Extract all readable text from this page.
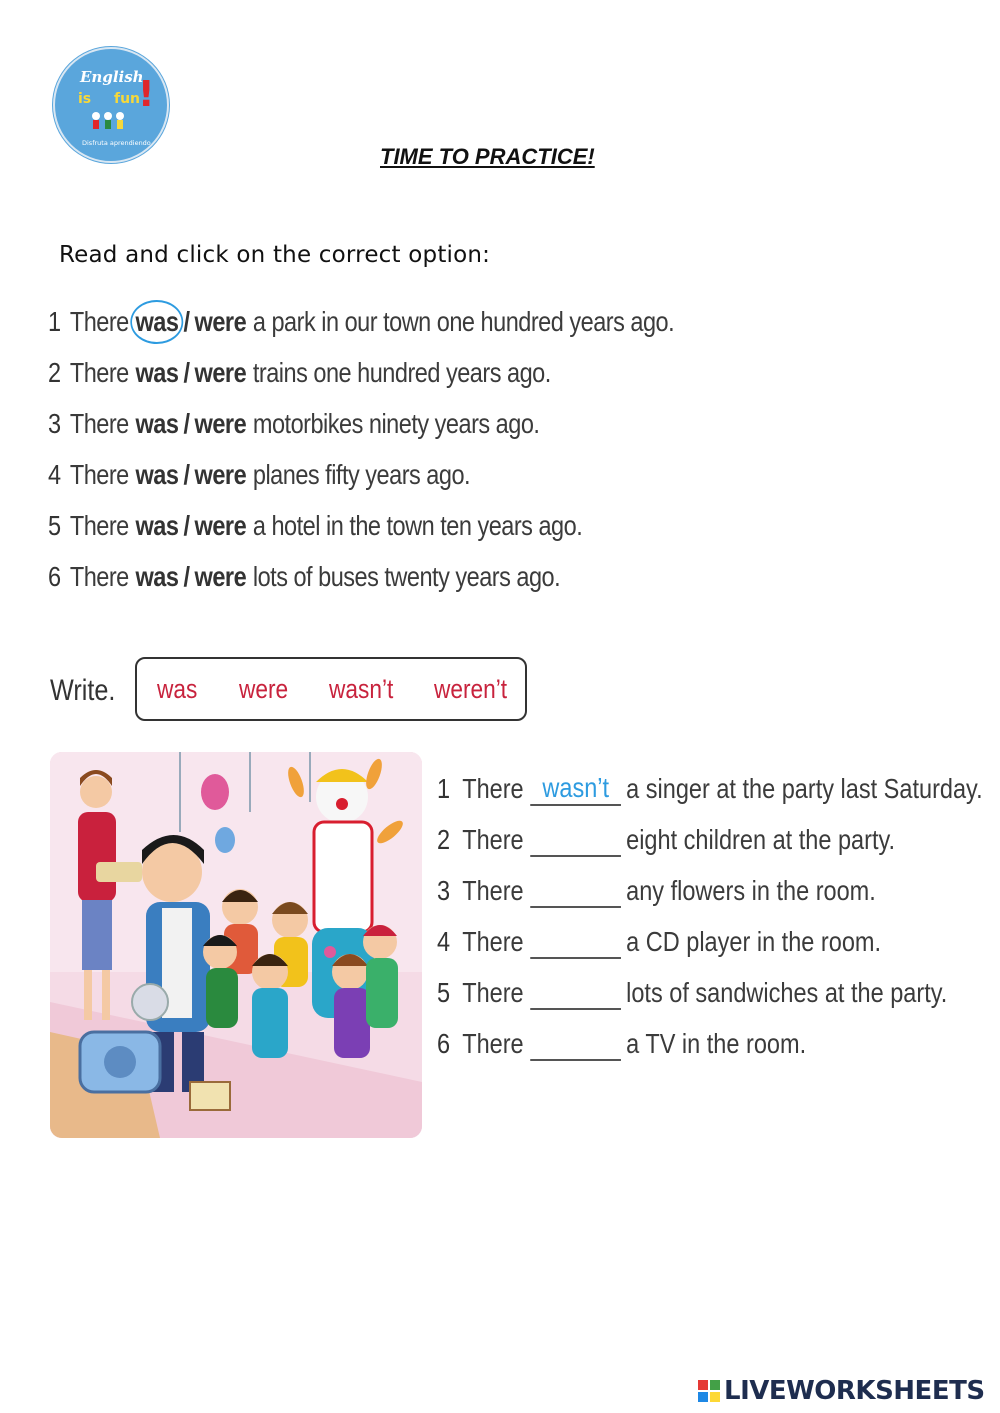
English
is fun
!
Disfruta aprendiendo
TIME TO PRACTICE!
Read and click on the correct option:
1 There was / were a park in our town one hundred years ago.
2 There was / were trains one hundred years ago.
3 There was / were motorbikes ninety years ago.
4 There was / were planes fifty years ago.
5 There was / were a hotel in the town ten years ago.
6 There was / were lots of buses twenty years ago.
Write. was were wasn’t weren’t
1 There
wasn’t	a singer at the party last Saturday.
2 There	eight children at the party.
3 There	any flowers in the room.
4 There	a CD player in the room.
5 There	lots of sandwiches at the party.
6 There	a TV in the room.
LIVEWORKSHEETS
